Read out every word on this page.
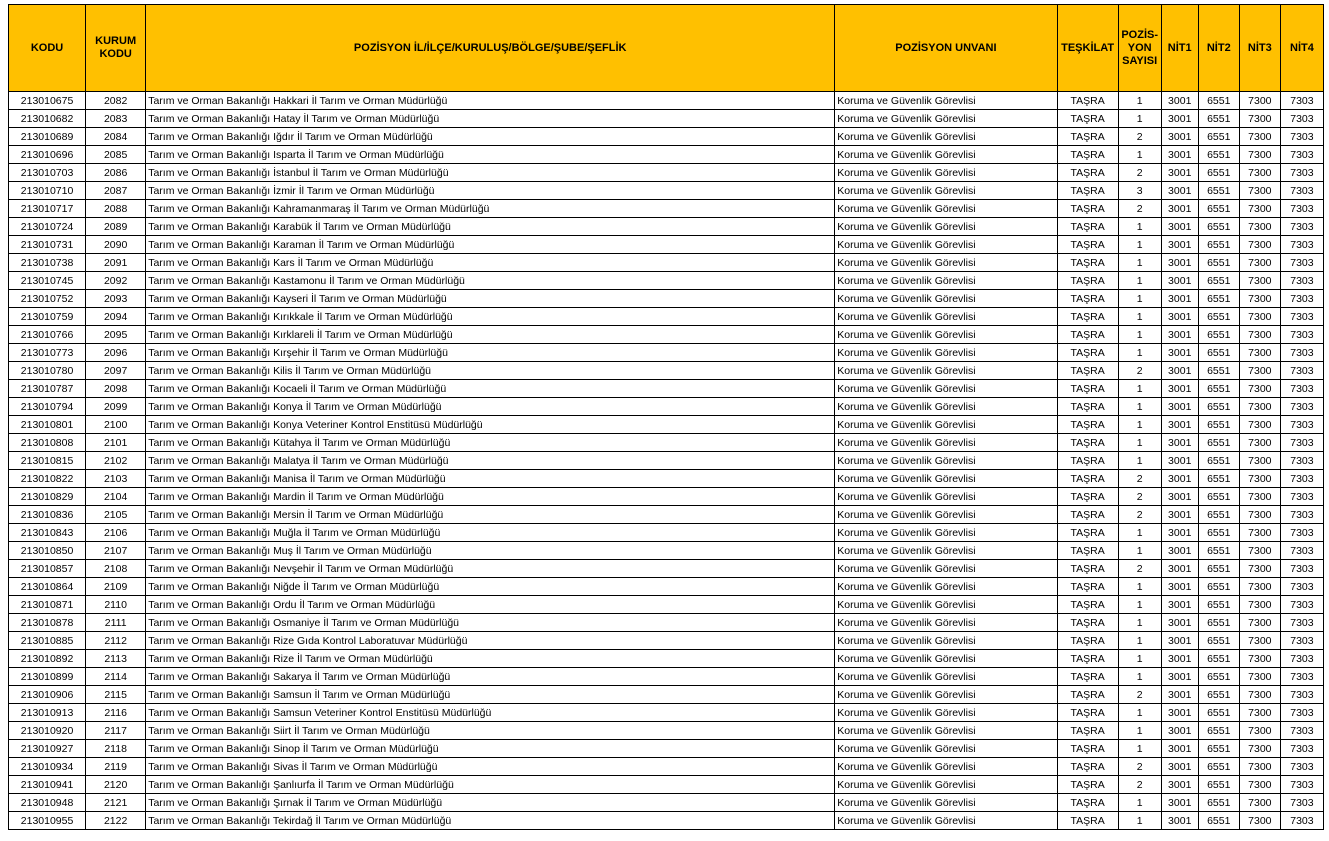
KODU	KURUM KODU	POZİSYON İL/İLÇE/KURULUŞ/BÖLGE/ŞUBE/ŞEFLİK	POZİSYON UNVANI	TEŞKİLAT	POZİS-YON SAYISI	NİT1	NİT2	NİT3	NİT4
213010675	2082	Tarım ve Orman Bakanlığı Hakkari İl Tarım ve Orman Müdürlüğü	Koruma ve Güvenlik Görevlisi	TAŞRA	1	3001	6551	7300	7303
213010682	2083	Tarım ve Orman Bakanlığı Hatay İl Tarım ve Orman Müdürlüğü	Koruma ve Güvenlik Görevlisi	TAŞRA	1	3001	6551	7300	7303
213010689	2084	Tarım ve Orman Bakanlığı Iğdır İl Tarım ve Orman Müdürlüğü	Koruma ve Güvenlik Görevlisi	TAŞRA	2	3001	6551	7300	7303
213010696	2085	Tarım ve Orman Bakanlığı Isparta İl Tarım ve Orman Müdürlüğü	Koruma ve Güvenlik Görevlisi	TAŞRA	1	3001	6551	7300	7303
213010703	2086	Tarım ve Orman Bakanlığı İstanbul İl Tarım ve Orman Müdürlüğü	Koruma ve Güvenlik Görevlisi	TAŞRA	2	3001	6551	7300	7303
213010710	2087	Tarım ve Orman Bakanlığı İzmir İl Tarım ve Orman Müdürlüğü	Koruma ve Güvenlik Görevlisi	TAŞRA	3	3001	6551	7300	7303
213010717	2088	Tarım ve Orman Bakanlığı Kahramanmaraş İl Tarım ve Orman Müdürlüğü	Koruma ve Güvenlik Görevlisi	TAŞRA	2	3001	6551	7300	7303
213010724	2089	Tarım ve Orman Bakanlığı Karabük İl Tarım ve Orman Müdürlüğü	Koruma ve Güvenlik Görevlisi	TAŞRA	1	3001	6551	7300	7303
213010731	2090	Tarım ve Orman Bakanlığı Karaman İl Tarım ve Orman Müdürlüğü	Koruma ve Güvenlik Görevlisi	TAŞRA	1	3001	6551	7300	7303
213010738	2091	Tarım ve Orman Bakanlığı Kars İl Tarım ve Orman Müdürlüğü	Koruma ve Güvenlik Görevlisi	TAŞRA	1	3001	6551	7300	7303
213010745	2092	Tarım ve Orman Bakanlığı Kastamonu İl Tarım ve Orman Müdürlüğü	Koruma ve Güvenlik Görevlisi	TAŞRA	1	3001	6551	7300	7303
213010752	2093	Tarım ve Orman Bakanlığı Kayseri İl Tarım ve Orman Müdürlüğü	Koruma ve Güvenlik Görevlisi	TAŞRA	1	3001	6551	7300	7303
213010759	2094	Tarım ve Orman Bakanlığı Kırıkkale İl Tarım ve Orman Müdürlüğü	Koruma ve Güvenlik Görevlisi	TAŞRA	1	3001	6551	7300	7303
213010766	2095	Tarım ve Orman Bakanlığı Kırklareli İl Tarım ve Orman Müdürlüğü	Koruma ve Güvenlik Görevlisi	TAŞRA	1	3001	6551	7300	7303
213010773	2096	Tarım ve Orman Bakanlığı Kırşehir İl Tarım ve Orman Müdürlüğü	Koruma ve Güvenlik Görevlisi	TAŞRA	1	3001	6551	7300	7303
213010780	2097	Tarım ve Orman Bakanlığı Kilis İl Tarım ve Orman Müdürlüğü	Koruma ve Güvenlik Görevlisi	TAŞRA	2	3001	6551	7300	7303
213010787	2098	Tarım ve Orman Bakanlığı Kocaeli İl Tarım ve Orman Müdürlüğü	Koruma ve Güvenlik Görevlisi	TAŞRA	1	3001	6551	7300	7303
213010794	2099	Tarım ve Orman Bakanlığı Konya İl Tarım ve Orman Müdürlüğü	Koruma ve Güvenlik Görevlisi	TAŞRA	1	3001	6551	7300	7303
213010801	2100	Tarım ve Orman Bakanlığı Konya Veteriner Kontrol Enstitüsü Müdürlüğü	Koruma ve Güvenlik Görevlisi	TAŞRA	1	3001	6551	7300	7303
213010808	2101	Tarım ve Orman Bakanlığı Kütahya İl Tarım ve Orman Müdürlüğü	Koruma ve Güvenlik Görevlisi	TAŞRA	1	3001	6551	7300	7303
213010815	2102	Tarım ve Orman Bakanlığı Malatya İl Tarım ve Orman Müdürlüğü	Koruma ve Güvenlik Görevlisi	TAŞRA	1	3001	6551	7300	7303
213010822	2103	Tarım ve Orman Bakanlığı Manisa İl Tarım ve Orman Müdürlüğü	Koruma ve Güvenlik Görevlisi	TAŞRA	2	3001	6551	7300	7303
213010829	2104	Tarım ve Orman Bakanlığı Mardin İl Tarım ve Orman Müdürlüğü	Koruma ve Güvenlik Görevlisi	TAŞRA	2	3001	6551	7300	7303
213010836	2105	Tarım ve Orman Bakanlığı Mersin İl Tarım ve Orman Müdürlüğü	Koruma ve Güvenlik Görevlisi	TAŞRA	2	3001	6551	7300	7303
213010843	2106	Tarım ve Orman Bakanlığı Muğla İl Tarım ve Orman Müdürlüğü	Koruma ve Güvenlik Görevlisi	TAŞRA	1	3001	6551	7300	7303
213010850	2107	Tarım ve Orman Bakanlığı Muş İl Tarım ve Orman Müdürlüğü	Koruma ve Güvenlik Görevlisi	TAŞRA	1	3001	6551	7300	7303
213010857	2108	Tarım ve Orman Bakanlığı Nevşehir İl Tarım ve Orman Müdürlüğü	Koruma ve Güvenlik Görevlisi	TAŞRA	2	3001	6551	7300	7303
213010864	2109	Tarım ve Orman Bakanlığı Niğde İl Tarım ve Orman Müdürlüğü	Koruma ve Güvenlik Görevlisi	TAŞRA	1	3001	6551	7300	7303
213010871	2110	Tarım ve Orman Bakanlığı Ordu İl Tarım ve Orman Müdürlüğü	Koruma ve Güvenlik Görevlisi	TAŞRA	1	3001	6551	7300	7303
213010878	2111	Tarım ve Orman Bakanlığı Osmaniye İl Tarım ve Orman Müdürlüğü	Koruma ve Güvenlik Görevlisi	TAŞRA	1	3001	6551	7300	7303
213010885	2112	Tarım ve Orman Bakanlığı Rize Gıda Kontrol Laboratuvar Müdürlüğü	Koruma ve Güvenlik Görevlisi	TAŞRA	1	3001	6551	7300	7303
213010892	2113	Tarım ve Orman Bakanlığı Rize İl Tarım ve Orman Müdürlüğü	Koruma ve Güvenlik Görevlisi	TAŞRA	1	3001	6551	7300	7303
213010899	2114	Tarım ve Orman Bakanlığı Sakarya İl Tarım ve Orman Müdürlüğü	Koruma ve Güvenlik Görevlisi	TAŞRA	1	3001	6551	7300	7303
213010906	2115	Tarım ve Orman Bakanlığı Samsun İl Tarım ve Orman Müdürlüğü	Koruma ve Güvenlik Görevlisi	TAŞRA	2	3001	6551	7300	7303
213010913	2116	Tarım ve Orman Bakanlığı Samsun Veteriner Kontrol Enstitüsü Müdürlüğü	Koruma ve Güvenlik Görevlisi	TAŞRA	1	3001	6551	7300	7303
213010920	2117	Tarım ve Orman Bakanlığı Siirt İl Tarım ve Orman Müdürlüğü	Koruma ve Güvenlik Görevlisi	TAŞRA	1	3001	6551	7300	7303
213010927	2118	Tarım ve Orman Bakanlığı Sinop İl Tarım ve Orman Müdürlüğü	Koruma ve Güvenlik Görevlisi	TAŞRA	1	3001	6551	7300	7303
213010934	2119	Tarım ve Orman Bakanlığı Sivas İl Tarım ve Orman Müdürlüğü	Koruma ve Güvenlik Görevlisi	TAŞRA	2	3001	6551	7300	7303
213010941	2120	Tarım ve Orman Bakanlığı Şanlıurfa İl Tarım ve Orman Müdürlüğü	Koruma ve Güvenlik Görevlisi	TAŞRA	2	3001	6551	7300	7303
213010948	2121	Tarım ve Orman Bakanlığı Şırnak İl Tarım ve Orman Müdürlüğü	Koruma ve Güvenlik Görevlisi	TAŞRA	1	3001	6551	7300	7303
213010955	2122	Tarım ve Orman Bakanlığı Tekirdağ İl Tarım ve Orman Müdürlüğü	Koruma ve Güvenlik Görevlisi	TAŞRA	1	3001	6551	7300	7303
